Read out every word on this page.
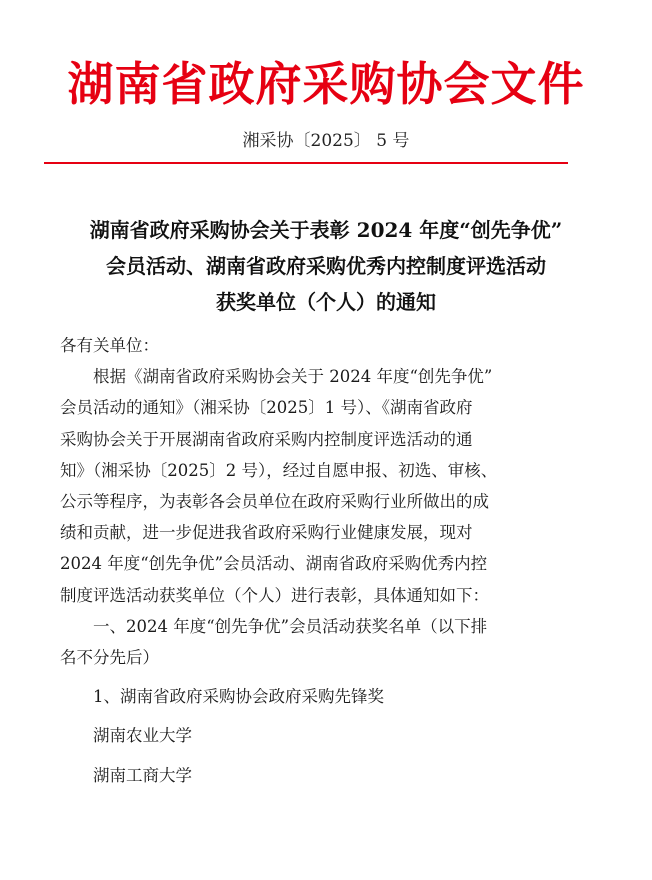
湖南省政府采购协会文件
湘采协〔2025〕 5 号
湖南省政府采购协会关于表彰 2024 年度“创先争优”
会员活动、湖南省政府采购优秀内控制度评选活动
获奖单位（个人）的通知

各有关单位：

根据《湖南省政府采购协会关于 2024 年度“创先争优”

会员活动的通知》（湘采协〔2025〕1 号）、《湖南省政府

采购协会关于开展湖南省政府采购内控制度评选活动的通

知》（湘采协〔2025〕2 号），经过自愿申报、初选、审核、

公示等程序，为表彰各会员单位在政府采购行业所做出的成

绩和贡献，进一步促进我省政府采购行业健康发展，现对

2024 年度“创先争优”会员活动、湖南省政府采购优秀内控

制度评选活动获奖单位（个人）进行表彰，具体通知如下：

一、2024 年度“创先争优”会员活动获奖名单（以下排

名不分先后）

1、湖南省政府采购协会政府采购先锋奖

湖南农业大学

湖南工商大学
